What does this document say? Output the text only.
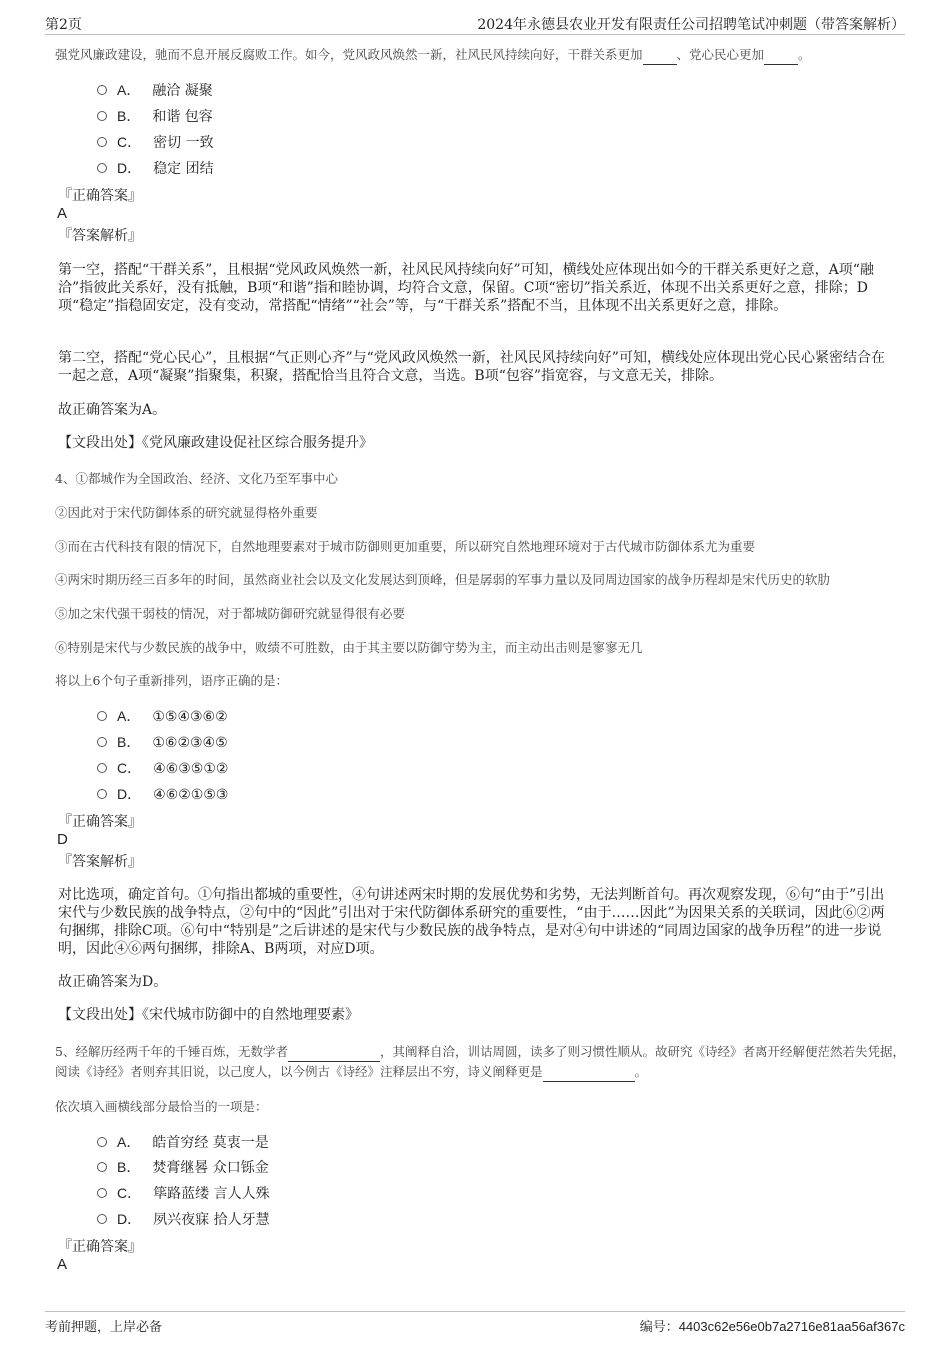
第2页	2024年永德县农业开发有限责任公司招聘笔试冲刺题（带答案解析）
强党风廉政建设，驰而不息开展反腐败工作。如今，党风政风焕然一新，社风民风持续向好，干群关系更加	、党心民心更加	。
A． 融洽 凝聚
B． 和谐 包容
C． 密切 一致
D． 稳定 团结
『正确答案』
A
『答案解析』
第一空，搭配“干群关系”，且根据“党风政风焕然一新，社风民风持续向好”可知，横线处应体现出如今的干群关系更好之意，A项“融洽”指彼此关系好，没有抵触，B项“和谐”指和睦协调，均符合文意，保留。C项“密切”指关系近，体现不出关系更好之意，排除；D项“稳定”指稳固安定，没有变动，常搭配“情绪”“社会”等，与“干群关系”搭配不当，且体现不出关系更好之意，排除。
第二空，搭配“党心民心”，且根据“气正则心齐”与“党风政风焕然一新，社风民风持续向好”可知，横线处应体现出党心民心紧密结合在一起之意，A项“凝聚”指聚集，积聚，搭配恰当且符合文意，当选。B项“包容”指宽容，与文意无关，排除。
故正确答案为A。
【文段出处】《党风廉政建设促社区综合服务提升》
4、①都城作为全国政治、经济、文化乃至军事中心
②因此对于宋代防御体系的研究就显得格外重要
③而在古代科技有限的情况下，自然地理要素对于城市防御则更加重要，所以研究自然地理环境对于古代城市防御体系尤为重要
④两宋时期历经三百多年的时间，虽然商业社会以及文化发展达到顶峰，但是孱弱的军事力量以及同周边国家的战争历程却是宋代历史的软肋
⑤加之宋代强干弱枝的情况，对于都城防御研究就显得很有必要
⑥特别是宋代与少数民族的战争中，败绩不可胜数，由于其主要以防御守势为主，而主动出击则是寥寥无几
将以上6个句子重新排列，语序正确的是：
A． ①⑤④③⑥②
B． ①⑥②③④⑤
C． ④⑥③⑤①②
D． ④⑥②①⑤③
『正确答案』
D
『答案解析』
对比选项，确定首句。①句指出都城的重要性，④句讲述两宋时期的发展优势和劣势，无法判断首句。再次观察发现，⑥句“由于”引出宋代与少数民族的战争特点，②句中的“因此”引出对于宋代防御体系研究的重要性，“由于……因此”为因果关系的关联词，因此⑥②两句捆绑，排除C项。⑥句中“特别是”之后讲述的是宋代与少数民族的战争特点，是对④句中讲述的“同周边国家的战争历程”的进一步说明，因此④⑥两句捆绑，排除A、B两项，对应D项。
故正确答案为D。
【文段出处】《宋代城市防御中的自然地理要素》
5、经解历经两千年的千锤百炼，无数学者	，其阐释自洽，训诂周圆，读多了则习惯性顺从。故研究《诗经》者离开经解便茫然若失凭据，阅读《诗经》者则弃其旧说，以己度人，以今例古《诗经》注释层出不穷，诗义阐释更是	。
依次填入画横线部分最恰当的一项是：
A． 皓首穷经 莫衷一是
B． 焚膏继晷 众口铄金
C． 筚路蓝缕 言人人殊
D． 夙兴夜寐 拾人牙慧
『正确答案』
A
考前押题，上岸必备	编号：4403c62e56e0b7a2716e81aa56af367c
